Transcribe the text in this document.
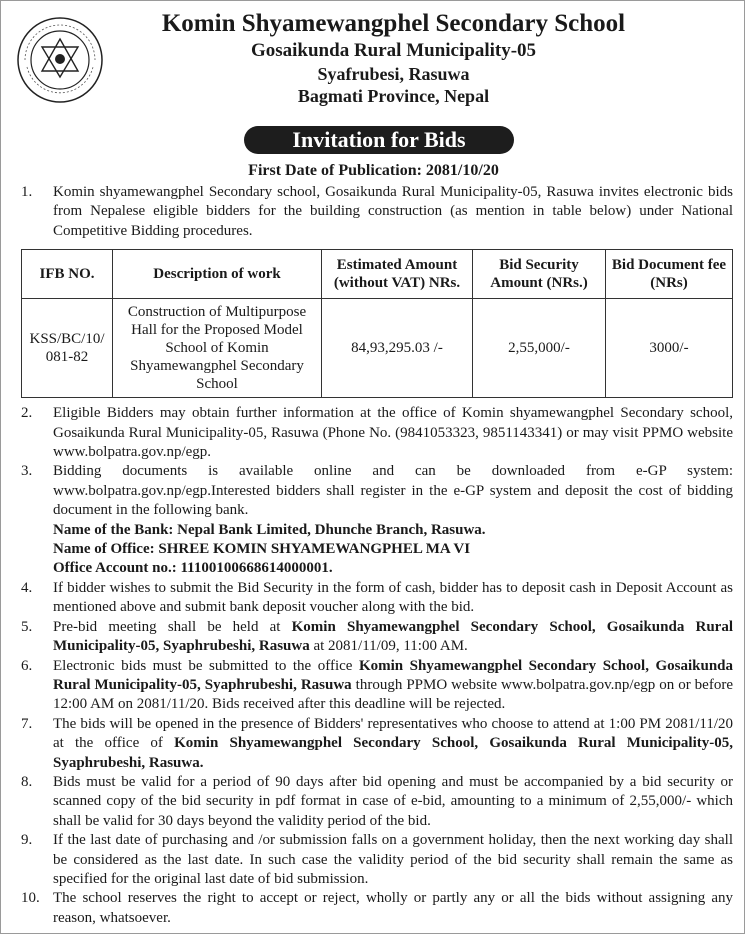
Komin Shyamewangphel Secondary School
Gosaikunda Rural Municipality-05
Syafrubesi, Rasuwa
Bagmati Province, Nepal
Invitation for Bids
First Date of Publication: 2081/10/20
1.	Komin shyamewangphel Secondary school, Gosaikunda Rural Municipality-05, Rasuwa invites electronic bids from Nepalese eligible bidders for the building construction (as mention in table below) under National Competitive Bidding procedures.
IFB NO.	Description of work	Estimated Amount (without VAT) NRs.	Bid Security Amount (NRs.)	Bid Document fee (NRs)
KSS/BC/10/ 081-82	Construction of Multipurpose Hall for the Proposed Model School of Komin Shyamewangphel Secondary School	84,93,295.03 /-	2,55,000/-	3000/-
2.	Eligible Bidders may obtain further information at the office of Komin shyamewangphel Secondary school, Gosaikunda Rural Municipality-05, Rasuwa (Phone No. (9841053323, 9851143341) or may visit PPMO website www.bolpatra.gov.np/egp.
3.	Bidding documents is available online and can be downloaded from e-GP system: www.bolpatra.gov.np/egp.Interested bidders shall register in the e-GP system and deposit the cost of bidding document in the following bank.
Name of the Bank: Nepal Bank Limited, Dhunche Branch, Rasuwa.
Name of Office: SHREE KOMIN SHYAMEWANGPHEL MA VI
Office Account no.: 11100100668614000001.
4.	If bidder wishes to submit the Bid Security in the form of cash, bidder has to deposit cash in Deposit Account as mentioned above and submit bank deposit voucher along with the bid.
5.	Pre-bid meeting shall be held at Komin Shyamewangphel Secondary School, Gosaikunda Rural Municipality-05, Syaphrubeshi, Rasuwa at 2081/11/09, 11:00 AM.
6.	Electronic bids must be submitted to the office Komin Shyamewangphel Secondary School, Gosaikunda Rural Municipality-05, Syaphrubeshi, Rasuwa through PPMO website www.bolpatra.gov.np/egp on or before 12:00 AM on 2081/11/20. Bids received after this deadline will be rejected.
7.	The bids will be opened in the presence of Bidders' representatives who choose to attend at 1:00 PM 2081/11/20 at the office of Komin Shyamewangphel Secondary School, Gosaikunda Rural Municipality-05, Syaphrubeshi, Rasuwa.
8.	Bids must be valid for a period of 90 days after bid opening and must be accompanied by a bid security or scanned copy of the bid security in pdf format in case of e-bid, amounting to a minimum of 2,55,000/- which shall be valid for 30 days beyond the validity period of the bid.
9.	If the last date of purchasing and /or submission falls on a government holiday, then the next working day shall be considered as the last date. In such case the validity period of the bid security shall remain the same as specified for the original last date of bid submission.
10. The school reserves the right to accept or reject, wholly or partly any or all the bids without assigning any reason, whatsoever.
